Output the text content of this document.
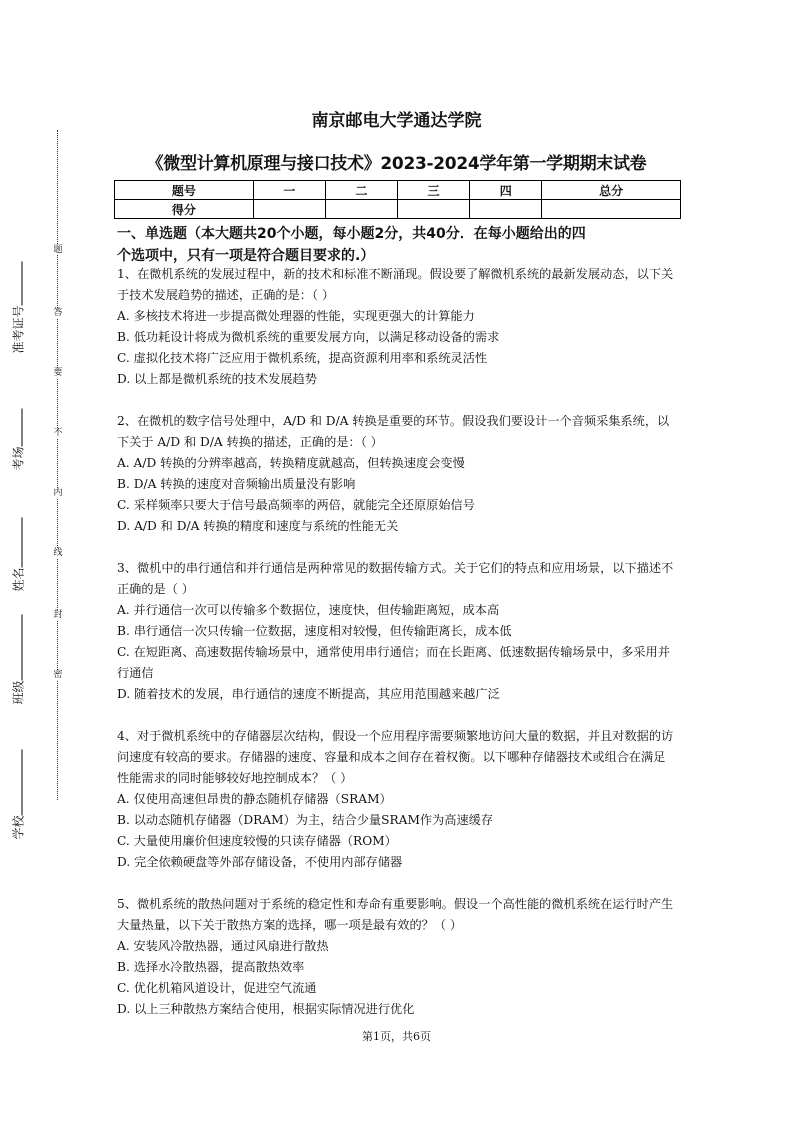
题
答
要
不
内
线
封
密
准考证号
考场
姓名
班级
学校
南京邮电大学通达学院
《微型计算机原理与接口技术》2023-2024学年第一学期期末试卷
题号	一	二	三	四	总分
得分					
一、单选题（本大题共20个小题，每小题2分，共40分．在每小题给出的四
个选项中，只有一项是符合题目要求的.）

1、在微机系统的发展过程中，新的技术和标准不断涌现。假设要了解微机系统的最新发展动态，以下关于技术发展趋势的描述，正确的是：（ ）

A. 多核技术将进一步提高微处理器的性能，实现更强大的计算能力

B. 低功耗设计将成为微机系统的重要发展方向，以满足移动设备的需求

C. 虚拟化技术将广泛应用于微机系统，提高资源利用率和系统灵活性

D. 以上都是微机系统的技术发展趋势

2、在微机的数字信号处理中，A/D 和 D/A 转换是重要的环节。假设我们要设计一个音频采集系统，以下关于 A/D 和 D/A 转换的描述，正确的是：（ ）

A. A/D 转换的分辨率越高，转换精度就越高，但转换速度会变慢

B. D/A 转换的速度对音频输出质量没有影响

C. 采样频率只要大于信号最高频率的两倍，就能完全还原原始信号

D. A/D 和 D/A 转换的精度和速度与系统的性能无关

3、微机中的串行通信和并行通信是两种常见的数据传输方式。关于它们的特点和应用场景，以下描述不正确的是（ ）

A. 并行通信一次可以传输多个数据位，速度快，但传输距离短，成本高

B. 串行通信一次只传输一位数据，速度相对较慢，但传输距离长，成本低

C. 在短距离、高速数据传输场景中，通常使用串行通信；而在长距离、低速数据传输场景中，多采用并行通信

D. 随着技术的发展，串行通信的速度不断提高，其应用范围越来越广泛

4、对于微机系统中的存储器层次结构，假设一个应用程序需要频繁地访问大量的数据，并且对数据的访问速度有较高的要求。存储器的速度、容量和成本之间存在着权衡。以下哪种存储器技术或组合在满足性能需求的同时能够较好地控制成本？（ ）

A. 仅使用高速但昂贵的静态随机存储器（SRAM）

B. 以动态随机存储器（DRAM）为主，结合少量SRAM作为高速缓存

C. 大量使用廉价但速度较慢的只读存储器（ROM）

D. 完全依赖硬盘等外部存储设备，不使用内部存储器

5、微机系统的散热问题对于系统的稳定性和寿命有重要影响。假设一个高性能的微机系统在运行时产生大量热量，以下关于散热方案的选择，哪一项是最有效的？（ ）

A. 安装风冷散热器，通过风扇进行散热

B. 选择水冷散热器，提高散热效率

C. 优化机箱风道设计，促进空气流通

D. 以上三种散热方案结合使用，根据实际情况进行优化

第1页，共6页
